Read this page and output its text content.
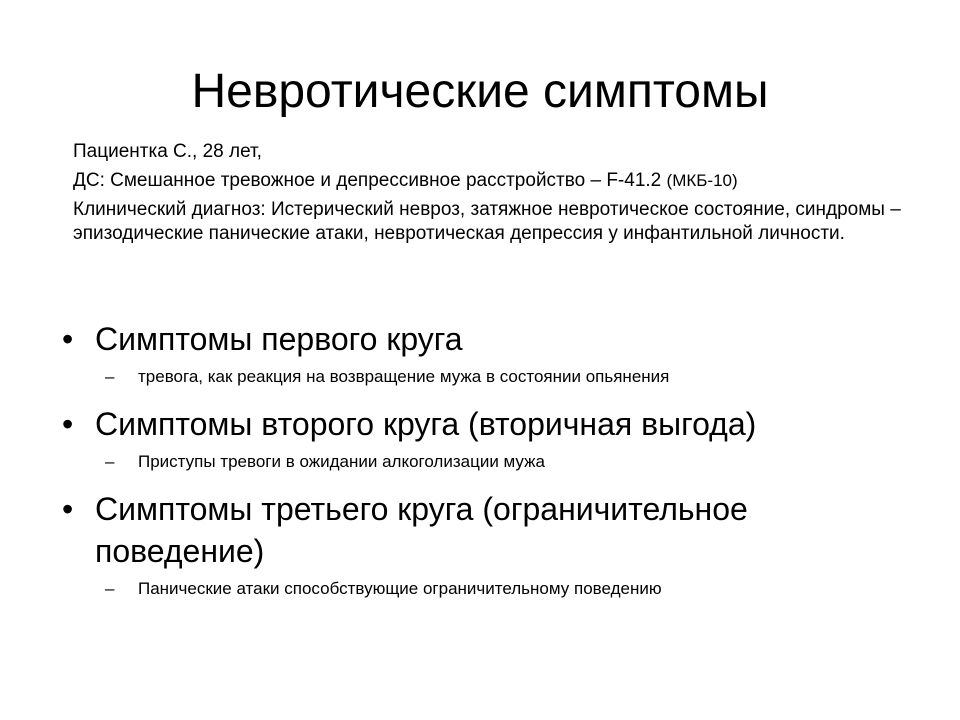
Невротические симптомы

Пациентка С., 28 лет,

ДС: Смешанное тревожное и депрессивное расстройство – F-41.2 (МКБ-10)

Клинический диагноз: Истерический невроз, затяжное невротическое состояние, синдромы – эпизодические панические атаки, невротическая депрессия у инфантильной личности.

• Симптомы первого круга

– тревога, как реакция на возвращение мужа в состоянии опьянения
• Симптомы второго круга (вторичная выгода)

– Приступы тревоги в ожидании алкоголизации мужа
• Симптомы третьего круга (ограничительное поведение)

– Панические атаки способствующие ограничительному поведению
